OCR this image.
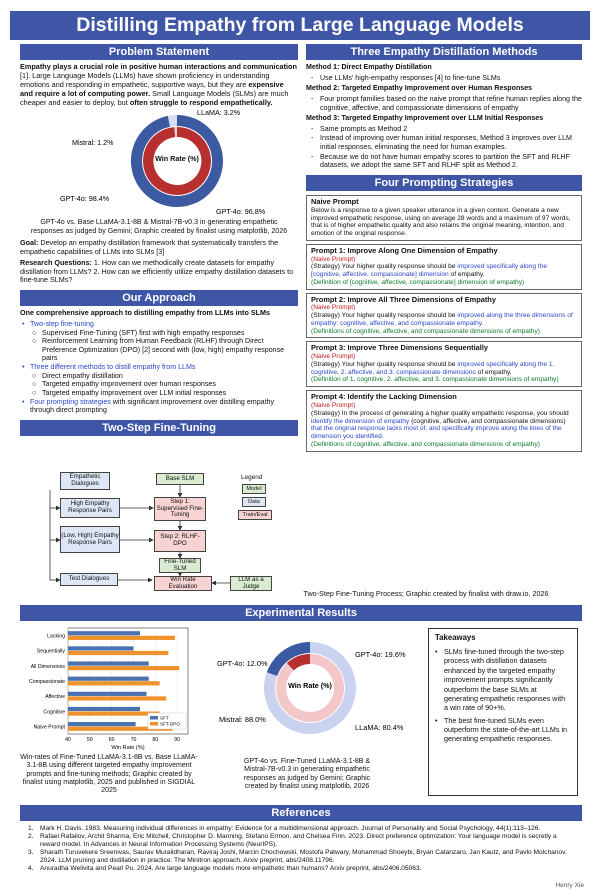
Distilling Empathy from Large Language Models
Problem Statement

Empathy plays a crucial role in positive human interactions and communication [1]. Large Language Models (LLMs) have shown proficiency in understanding emotions and responding in empathetic, supportive ways, but they are expensive and require a lot of computing power. Small Language Models (SLMs) are much cheaper and easier to deploy, but often struggle to respond empathetically.

Win Rate (%)
LLaMA: 3.2%
Mistral: 1.2%
GPT-4o: 98.4%
GPT-4o: 96.8%

GPT-4o vs. Base LLaMA-3.1-8B & Mistral-7B-v0.3 in generating empathetic responses as judged by Gemini; Graphic created by finalist using matplotlib, 2026

Goal: Develop an empathy distillation framework that systematically transfers the empathetic capabilities of LLMs into SLMs [3]

Research Questions: 1. How can we methodically create datasets for empathy distillation from LLMs? 2. How can we efficiently utilize empathy distillation datasets to fine-tune SLMs?

Our Approach

One comprehensive approach to distilling empathy from LLMs into SLMs

• Two-step fine-tuning
○ Supervised Fine-Tuning (SFT) first with high empathy responses
○ Reinforcement Learning from Human Feedback (RLHF) through Direct Preference Optimization (DPO) [2] second with (low, high) empathy response pairs
• Three different methods to distill empathy from LLMs
○ Direct empathy distillation
○ Targeted empathy improvement over human responses
○ Targeted empathy improvement over LLM initial responses
• Four prompting strategies with significant improvement over distilling empathy through direct prompting
Two-Step Fine-Tuning
Empathetic Dialogues
High Empathy Response Pairs
(Low, High) Empathy Response Pairs
Test Dialogues
Base SLM
Step 1: Supervised Fine-Tuning
Step 2: RLHF-DPO
Fine-Tuned SLM
Win Rate Evaluation
LLM as a Judge
Legend
Model
Data
Train/Eval
Three Empathy Distillation Methods

Method 1: Direct Empathy Distillation

- Use LLMs' high-empathy responses [4] to fine-tune SLMs

Method 2: Targeted Empathy Improvement over Human Responses

- Four prompt families based on the naive prompt that refine human replies along the cognitive, affective, and compassionate dimensions of empathy

Method 3: Targeted Empathy Improvement over LLM Initial Responses

- Same prompts as Method 2
- Instead of improving over human initial responses, Method 3 improves over LLM initial responses, eliminating the need for human examples.
- Because we do not have human empathy scores to partition the SFT and RLHF datasets, we adopt the same SFT and RLHF split as Method 2.
Four Prompting Strategies
Naive Prompt
Below is a response to a given speaker utterance in a given context. Generate a new improved empathetic response, using on average 28 words and a maximum of 97 words, that is of higher empathetic quality and also retains the original meaning, intention, and emotion of the original response.
Prompt 1: Improve Along One Dimension of Empathy
(Naive Prompt)
(Strategy) Your higher quality response should be improved specifically along the [cognitive, affective, compassionate] dimension of empathy.
(Definition of [cognitive, affective, compassionate] dimension of empathy)
Prompt 2: Improve All Three Dimensions of Empathy
(Naive Prompt)
(Strategy) Your higher quality response should be improved along the three dimensions of empathy: cognitive, affective, and compassionate empathy.
(Definitions of cognitive, affective, and compassionate dimensions of empathy)
Prompt 3: Improve Three Dimensions Sequentially
(Naive Prompt)
(Strategy) Your higher quality response should be improved specifically along the 1. cognitive, 2. affective, and 3. compassionate dimensions of empathy.
(Definition of 1. cognitive, 2. affective, and 3. compassionate dimensions of empathy)
Prompt 4: Identify the Lacking Dimension
(Naive Prompt)
(Strategy) In the process of generating a higher quality empathetic response, you should identify the dimension of empathy (cognitive, affective, and compassionate dimensions) that the original response lacks most of, and specifically improve along the lines of the dimension you identified.
(Definitions of cognitive, affective, and compassionate dimensions of empathy)
Two-Step Fine-Tuning Process; Graphic created by finalist with draw.io, 2026
Experimental Results
40	50	60	70	80	90
Lacking
Sequentially
All Dimensions
Compassionate
Affective
Cognitive
Naive Prompt
Win Rate (%)
SFT
SFT-DPO

Win-rates of Fine-Tuned LLaMA-3.1-8B vs. Base LLaMA-3.1-8B using different targeted empathy improvement prompts and fine-tuning methods; Graphic created by finalist using matplotlib, 2025 and published in SIGDIAL 2025

Win Rate (%)
GPT-4o: 12.0%
GPT-4o: 19.6%
Mistral: 88.0%
LLaMA: 80.4%

GPT-4o vs. Fine-Tuned LLaMA-3.1-8B & Mistral-7B-v0.3 in generating empathetic responses as judged by Gemini; Graphic created by finalist using matplotlib, 2026

Takeaways
• SLMs fine-tuned through the two-step process with distillation datasets enhanced by the targeted empathy improvement prompts significantly outperform the base SLMs at generating empathetic responses with a win rate of 90+%.
• The best fine-tuned SLMs even outperform the state-of-the-art LLMs in generating empathetic responses.
References
1. Mark H. Davis. 1983. Measuring individual differences in empathy: Evidence for a multidimensional approach. Journal of Personality and Social Psychology, 44(1):113–126.
2. Rafael Rafailov, Archit Sharma, Eric Mitchell, Christopher D. Manning, Stefano Ermon, and Chelsea Finn. 2023. Direct preference optimization: Your language model is secretly a reward model. In Advances in Neural Information Processing Systems (NeurIPS).
3. Sharath Turuvekere Sreenivas, Saurav Muralidharan, Raviraj Joshi, Marcin Chochowski, Mostofa Patwary, Mohammad Shoeybi, Bryan Catanzaro, Jan Kautz, and Pavlo Molchanov. 2024. LLM pruning and distillation in practice: The Minitron approach. Arxiv preprint, abs/2408.11796.
4. Anuradha Welivita and Pearl Pu. 2024. Are large language models more empathetic than humans? Arxiv preprint, abs/2406.05063.
Henry Xie
